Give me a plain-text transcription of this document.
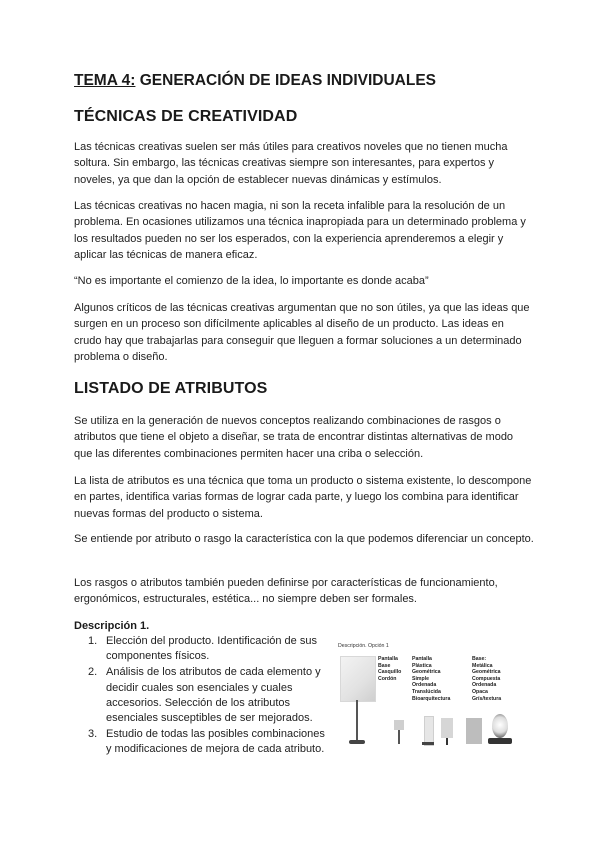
TEMA 4: GENERACIÓN DE IDEAS INDIVIDUALES
TÉCNICAS DE CREATIVIDAD

Las técnicas creativas suelen ser más útiles para creativos noveles que no tienen mucha soltura. Sin embargo, las técnicas creativas siempre son interesantes, para expertos y noveles, ya que dan la opción de establecer nuevas dinámicas y estímulos.

Las técnicas creativas no hacen magia, ni son la receta infalible para la resolución de un problema. En ocasiones utilizamos una técnica inapropiada para un determinado problema y los resultados pueden no ser los esperados, con la experiencia aprenderemos a elegir y aplicar las técnicas de manera eficaz.

“No es importante el comienzo de la idea, lo importante es donde acaba”

Algunos críticos de las técnicas creativas argumentan que no son útiles, ya que las ideas que surgen en un proceso son difícilmente aplicables al diseño de un producto. Las ideas en crudo hay que trabajarlas para conseguir que lleguen a formar soluciones a un determinado problema o diseño.

LISTADO DE ATRIBUTOS

Se utiliza en la generación de nuevos conceptos realizando combinaciones de rasgos o atributos que tiene el objeto a diseñar, se trata de encontrar distintas alternativas de modo que las diferentes combinaciones permiten hacer una criba o selección.

La lista de atributos es una técnica que toma un producto o sistema existente, lo descompone en partes, identifica varias formas de lograr cada parte, y luego los combina para identificar nuevas formas del producto o sistema.

Se entiende por atributo o rasgo la característica con la que podemos diferenciar un concepto.

Los rasgos o atributos también pueden definirse por características de funcionamiento, ergonómicos, estructurales, estética... no siempre deben ser formales.

Descripción 1.
1. Elección del producto. Identificación de sus componentes físicos.
2. Análisis de los atributos de cada elemento y decidir cuales son esenciales y cuales accesorios. Selección de los atributos esenciales susceptibles de ser mejorados.
3. Estudio de todas las posibles combinaciones y modificaciones de mejora de cada atributo.
Descripción. Opción 1
Pantalla
Base
Casquillo
Cordón
Pantalla
Plástica
Geométrica
Simple
Ordenada
Translúcida
Bioarquitectura
Base:
Metálica
Geométrica
Compuesta
Ordenada
Opaca
Grís/textura
